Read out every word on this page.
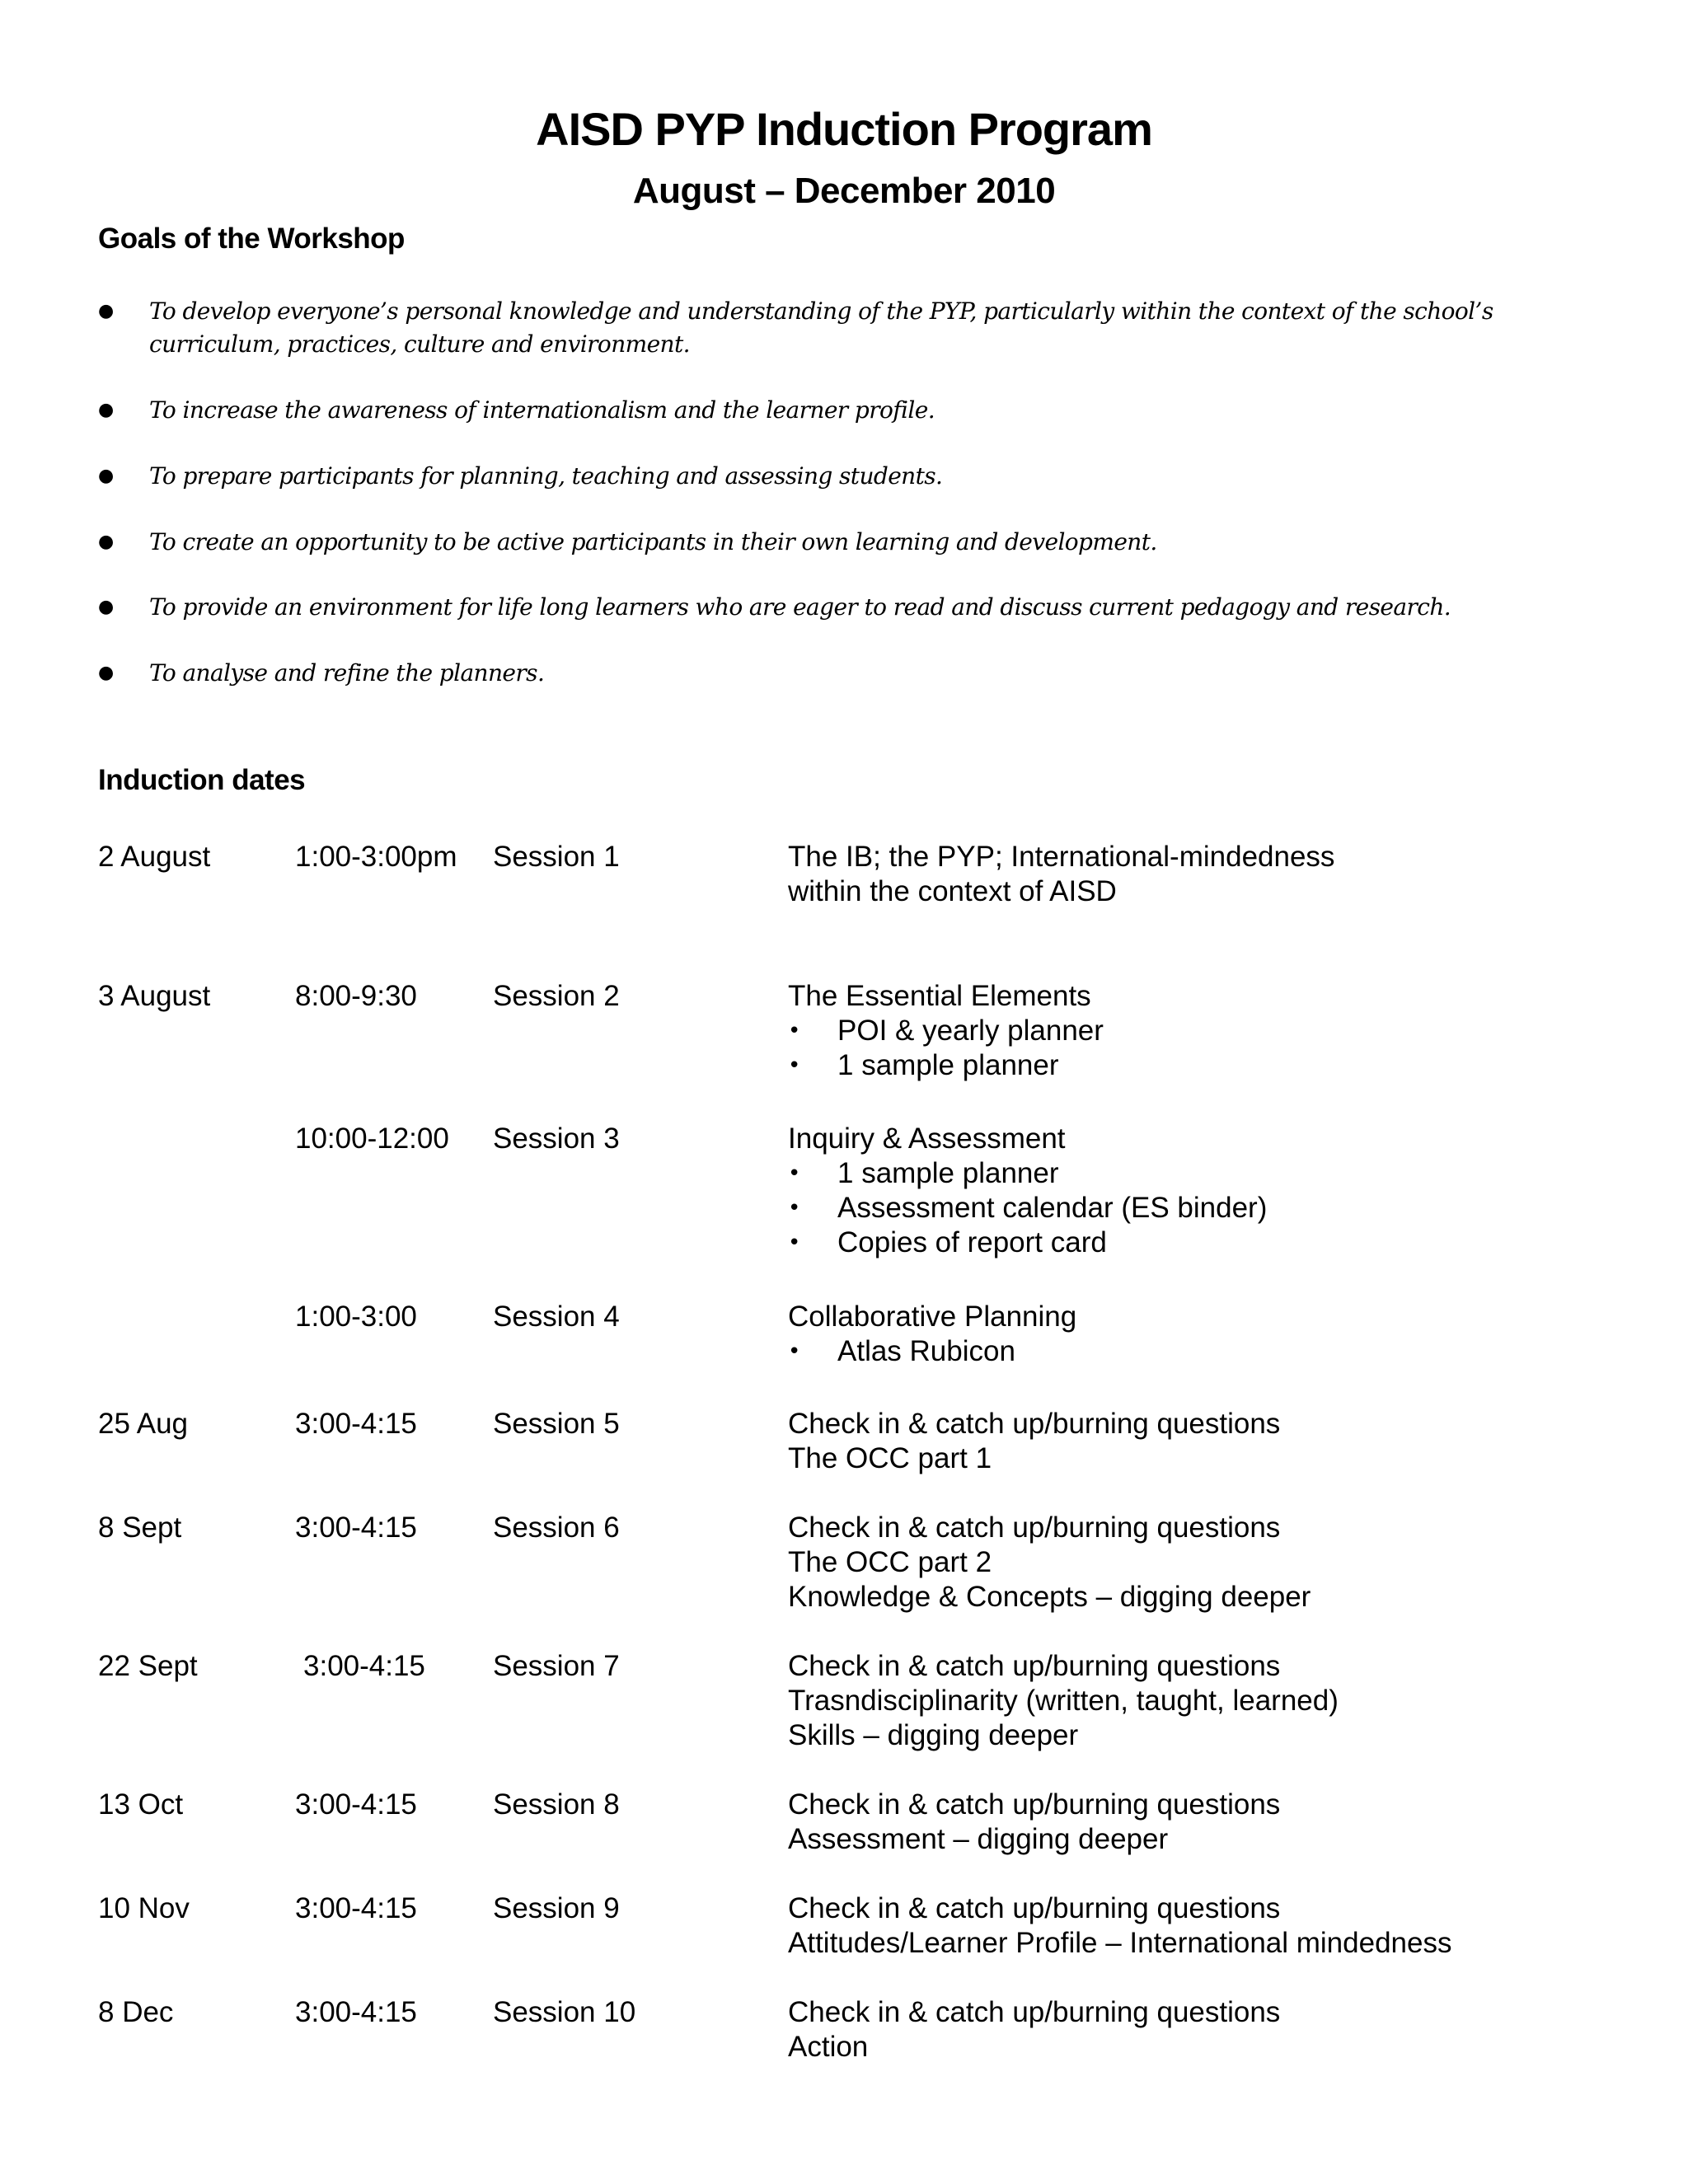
AISD PYP Induction Program
August – December 2010
Goals of the Workshop
● To develop everyone’s personal knowledge and understanding of the PYP, particularly within the context of the school’s curriculum, practices, culture and environment.
● To increase the awareness of internationalism and the learner profile.
● To prepare participants for planning, teaching and assessing students.
● To create an opportunity to be active participants in their own learning and development.
● To provide an environment for life long learners who are eager to read and discuss current pedagogy and research.
● To analyse and refine the planners.
Induction dates
2 August	1:00-3:00pm Session 1	The IB; the PYP; International-mindedness
within the context of AISD
3 August	8:00-9:30	Session 2	The Essential Elements
• POI & yearly planner
• 1 sample planner
10:00-12:00 Session 3	Inquiry & Assessment
• 1 sample planner
• Assessment calendar (ES binder)
• Copies of report card
1:00-3:00	Session 4	Collaborative Planning
• Atlas Rubicon
25 Aug	3:00-4:15	Session 5	Check in & catch up/burning questions
The OCC part 1
8 Sept	3:00-4:15	Session 6	Check in & catch up/burning questions
The OCC part 2
Knowledge & Concepts – digging deeper
22 Sept	3:00-4:15 Session 7	Check in & catch up/burning questions
Trasndisciplinarity (written, taught, learned)
Skills – digging deeper
13 Oct	3:00-4:15	Session 8	Check in & catch up/burning questions
Assessment – digging deeper
10 Nov	3:00-4:15	Session 9	Check in & catch up/burning questions
Attitudes/Learner Profile – International mindedness
8 Dec	3:00-4:15	Session 10	Check in & catch up/burning questions
Action
